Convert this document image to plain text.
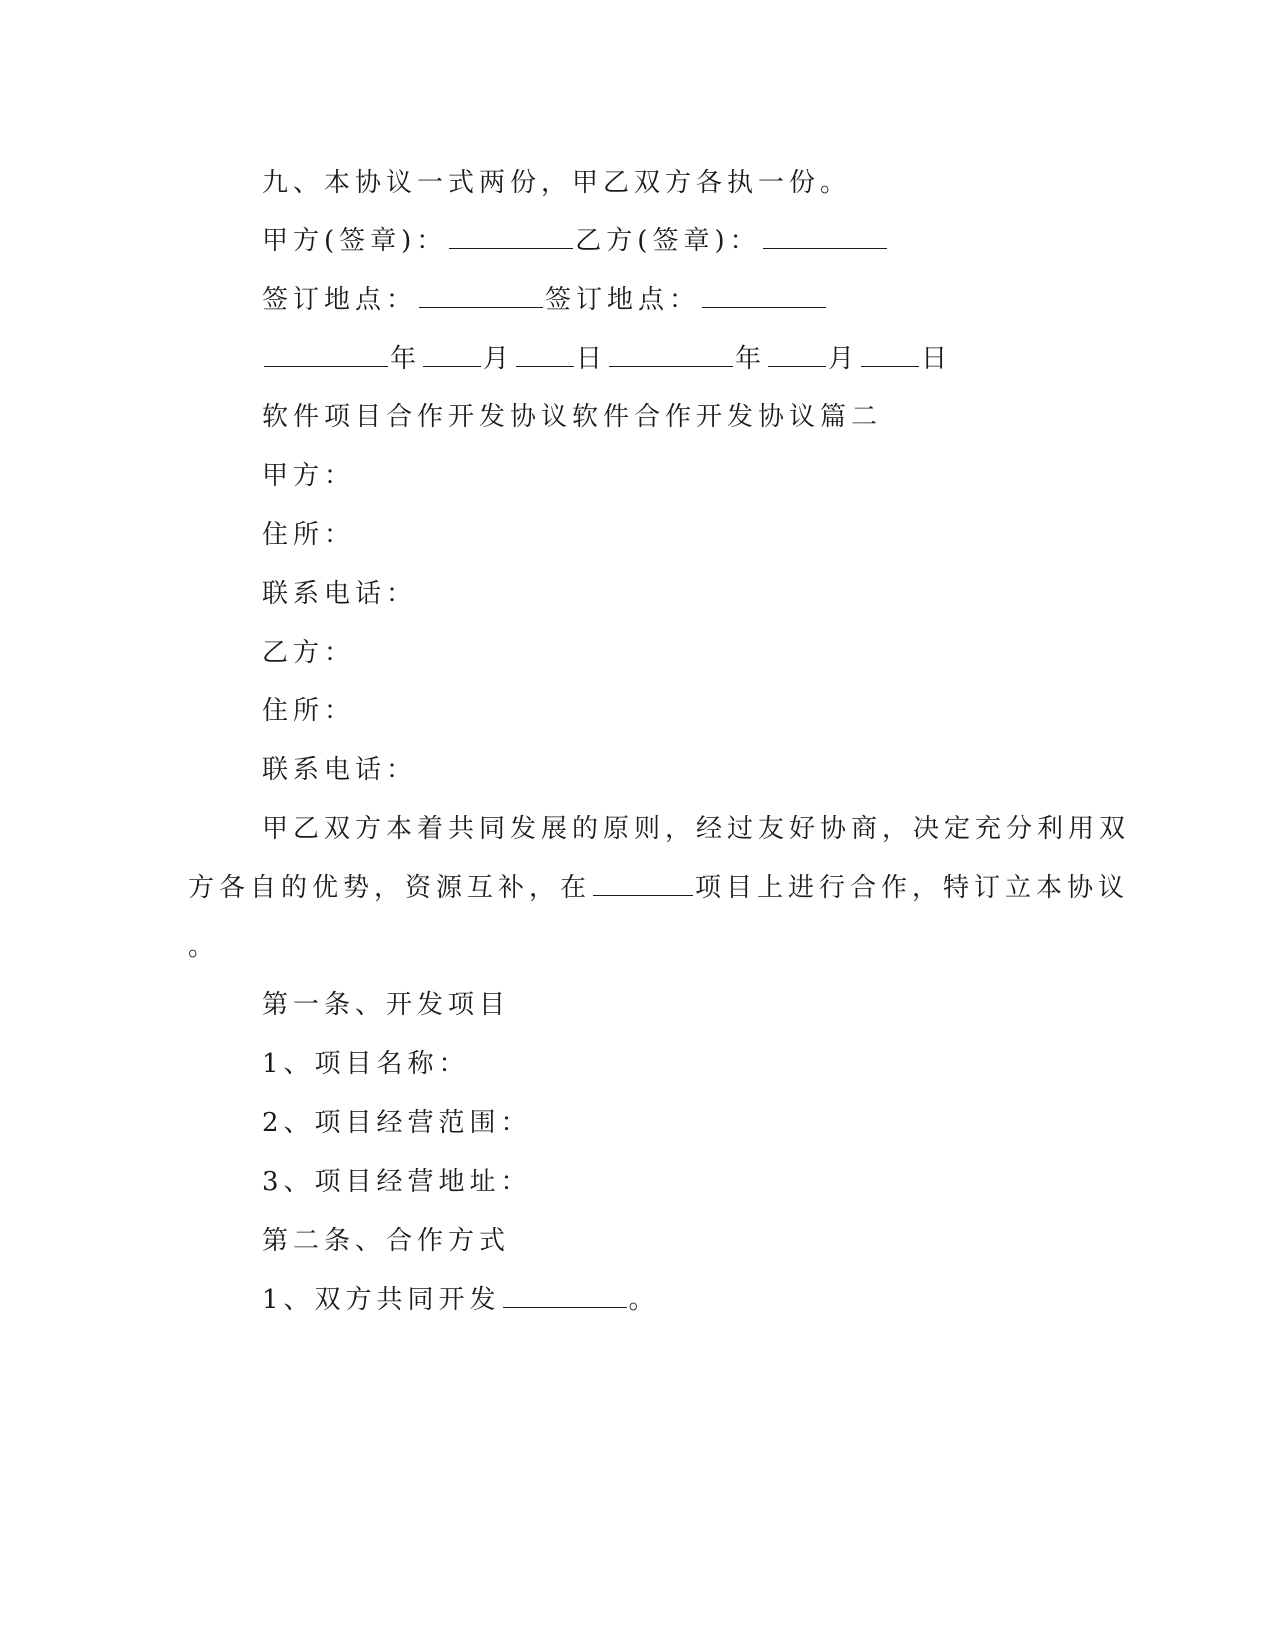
九、本协议一式两份，甲乙双方各执一份。
甲方(签章)：	乙方(签章)：
签订地点：	签订地点：
年 月 日	年 月 日
软件项目合作开发协议软件合作开发协议篇二
甲方：
住所：
联系电话：
乙方：
住所：
联系电话：
甲乙双方本着共同发展的原则，经过友好协商，决定充分利用双
方各自的优势，资源互补，在	项目上进行合作，特订立本协议
。
第一条、开发项目
1、项目名称：
2、项目经营范围：
3、项目经营地址：
第二条、合作方式
1、双方共同开发	。
